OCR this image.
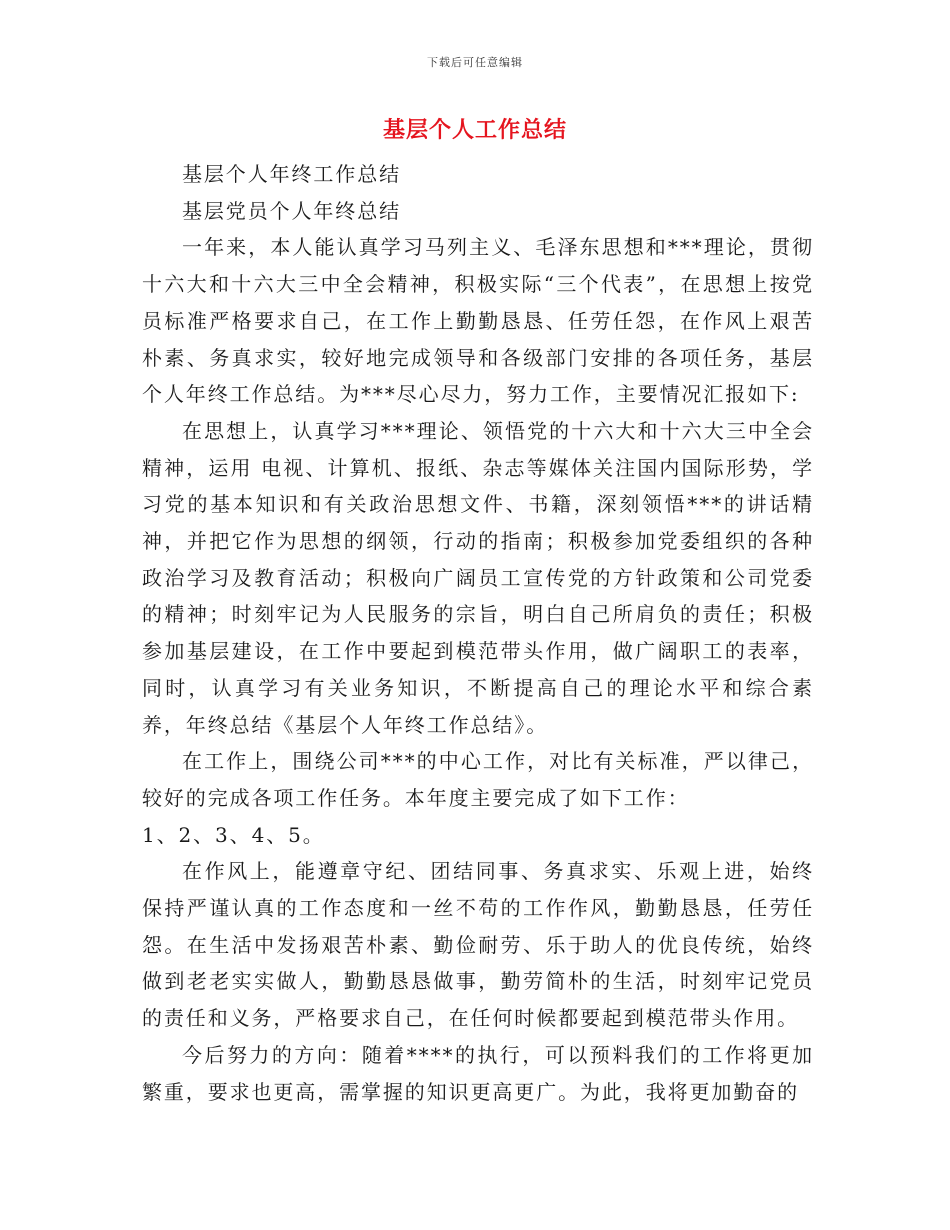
下载后可任意编辑
基层个人工作总结

基层个人年终工作总结

基层党员个人年终总结

一年来，本人能认真学习马列主义、毛泽东思想和***理论，贯彻十六大和十六大三中全会精神，积极实际“三个代表”，在思想上按党员标准严格要求自己，在工作上勤勤恳恳、任劳任怨，在作风上艰苦朴素、务真求实，较好地完成领导和各级部门安排的各项任务，基层个人年终工作总结。为***尽心尽力，努力工作，主要情况汇报如下:

在思想上，认真学习***理论、领悟党的十六大和十六大三中全会精神，运用 电视、计算机、报纸、杂志等媒体关注国内国际形势，学习党的基本知识和有关政治思想文件、书籍，深刻领悟***的讲话精神，并把它作为思想的纲领，行动的指南；积极参加党委组织的各种政治学习及教育活动；积极向广阔员工宣传党的方针政策和公司党委的精神；时刻牢记为人民服务的宗旨，明白自己所肩负的责任；积极参加基层建设，在工作中要起到模范带头作用，做广阔职工的表率，同时，认真学习有关业务知识，不断提高自己的理论水平和综合素养，年终总结《基层个人年终工作总结》。

在工作上，围绕公司***的中心工作，对比有关标准，严以律己，较好的完成各项工作任务。本年度主要完成了如下工作：

1、2、3、4、5。

在作风上，能遵章守纪、团结同事、务真求实、乐观上进，始终保持严谨认真的工作态度和一丝不苟的工作作风，勤勤恳恳，任劳任怨。在生活中发扬艰苦朴素、勤俭耐劳、乐于助人的优良传统，始终做到老老实实做人，勤勤恳恳做事，勤劳简朴的生活，时刻牢记党员的责任和义务，严格要求自己，在任何时候都要起到模范带头作用。

今后努力的方向：随着****的执行，可以预料我们的工作将更加繁重，要求也更高，需掌握的知识更高更广。为此，我将更加勤奋的
